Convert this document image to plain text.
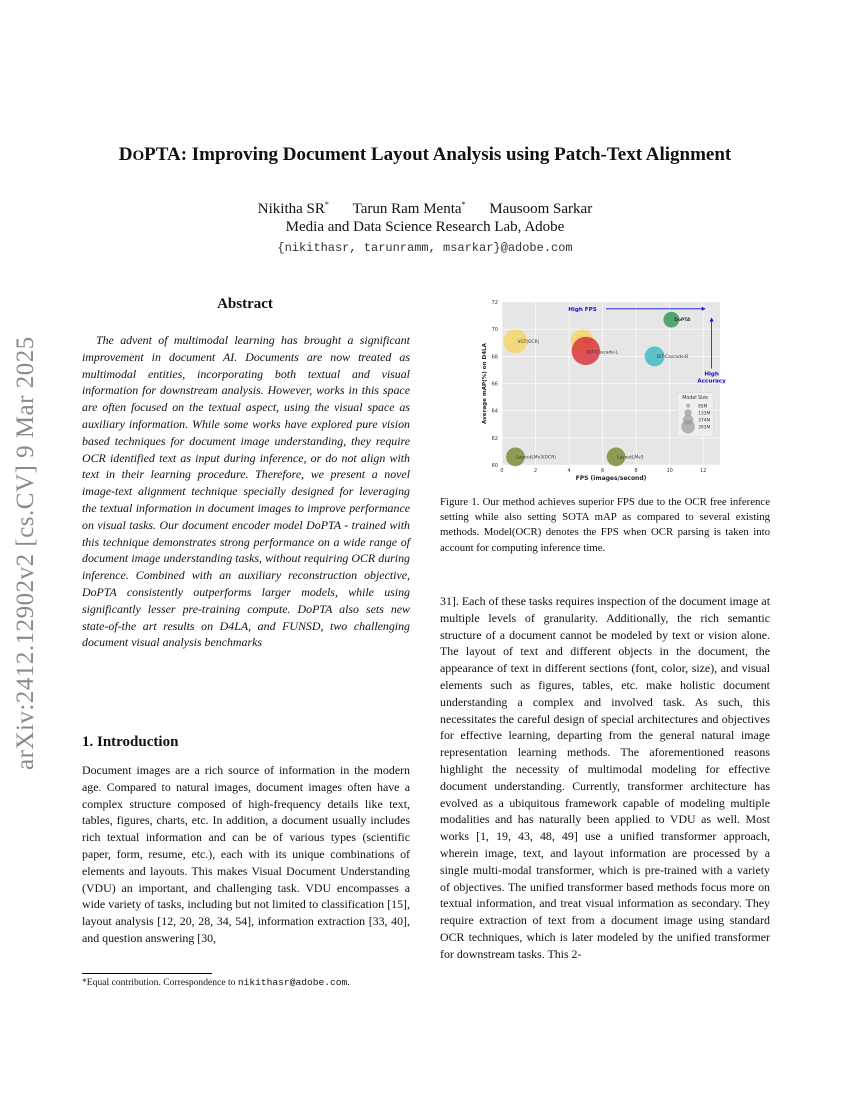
arXiv:2412.12902v2 [cs.CV] 9 Mar 2025
DOPTA: Improving Document Layout Analysis using Patch-Text Alignment
Nikitha SR* Tarun Ram Menta* Mausoom Sarkar
Media and Data Science Research Lab, Adobe
{nikithasr, tarunramm, msarkar}@adobe.com
Abstract
The advent of multimodal learning has brought a significant improvement in document AI. Documents are now treated as multimodal entities, incorporating both textual and visual information for downstream analysis. However, works in this space are often focused on the textual aspect, using the visual space as auxiliary information. While some works have explored pure vision based techniques for document image understanding, they require OCR identified text as input during inference, or do not align with text in their learning procedure. Therefore, we present a novel image-text alignment technique specially designed for leveraging the textual information in document images to improve performance on visual tasks. Our document encoder model DoPTA - trained with this technique demonstrates strong performance on a wide range of document image understanding tasks, without requiring OCR during inference. Combined with an auxiliary reconstruction objective, DoPTA consistently outperforms larger models, while using significantly lesser pre-training compute. DoPTA also sets new state-of-the art results on D4LA, and FUNSD, two challenging document visual analysis benchmarks
1. Introduction
Document images are a rich source of information in the modern age. Compared to natural images, document images often have a complex structure composed of high-frequency details like text, tables, figures, charts, etc. In addition, a document usually includes rich textual information and can be of various types (scientific paper, form, resume, etc.), each with its unique combinations of elements and layouts. This makes Visual Document Understanding (VDU) an important, and challenging task. VDU encompasses a wide variety of tasks, including but not limited to classification [15], layout analysis [12, 20, 28, 34, 54], information extraction [33, 40], and question answering [30,
*Equal contribution. Correspondence to nikithasr@adobe.com.
0	2	4	6	8	10	12
60
62
64
66
68
70
72
FPS (images/second)
Average mAP(%) on D4LA
High FPS
High
Accuracy
VGT(OCR)
DiT-Cascade-L
DiT-Cascade-B
DoPTA
LayoutLMv3(OCR)	LayoutLMv3
Model Size
85M
133M
374M
393M
Figure 1. Our method achieves superior FPS due to the OCR free inference setting while also setting SOTA mAP as compared to several existing methods. Model(OCR) denotes the FPS when OCR parsing is taken into account for computing inference time.
31]. Each of these tasks requires inspection of the document image at multiple levels of granularity. Additionally, the rich semantic structure of a document cannot be modeled by text or vision alone. The layout of text and different objects in the document, the appearance of text in different sections (font, color, size), and visual elements such as figures, tables, etc. make holistic document understanding a complex and involved task. As such, this necessitates the careful design of special architectures and objectives for effective learning, departing from the general natural image representation learning methods. The aforementioned reasons highlight the necessity of multimodal modeling for effective document understanding. Currently, transformer architecture has evolved as a ubiquitous framework capable of modeling multiple modalities and has naturally been applied to VDU as well. Most works [1, 19, 43, 48, 49] use a unified transformer approach, wherein image, text, and layout information are processed by a single multi-modal transformer, which is pre-trained with a variety of objectives. The unified transformer based methods focus more on textual information, and treat visual information as secondary. They require extraction of text from a document image using standard OCR techniques, which is later modeled by the unified transformer for downstream tasks. This 2-
